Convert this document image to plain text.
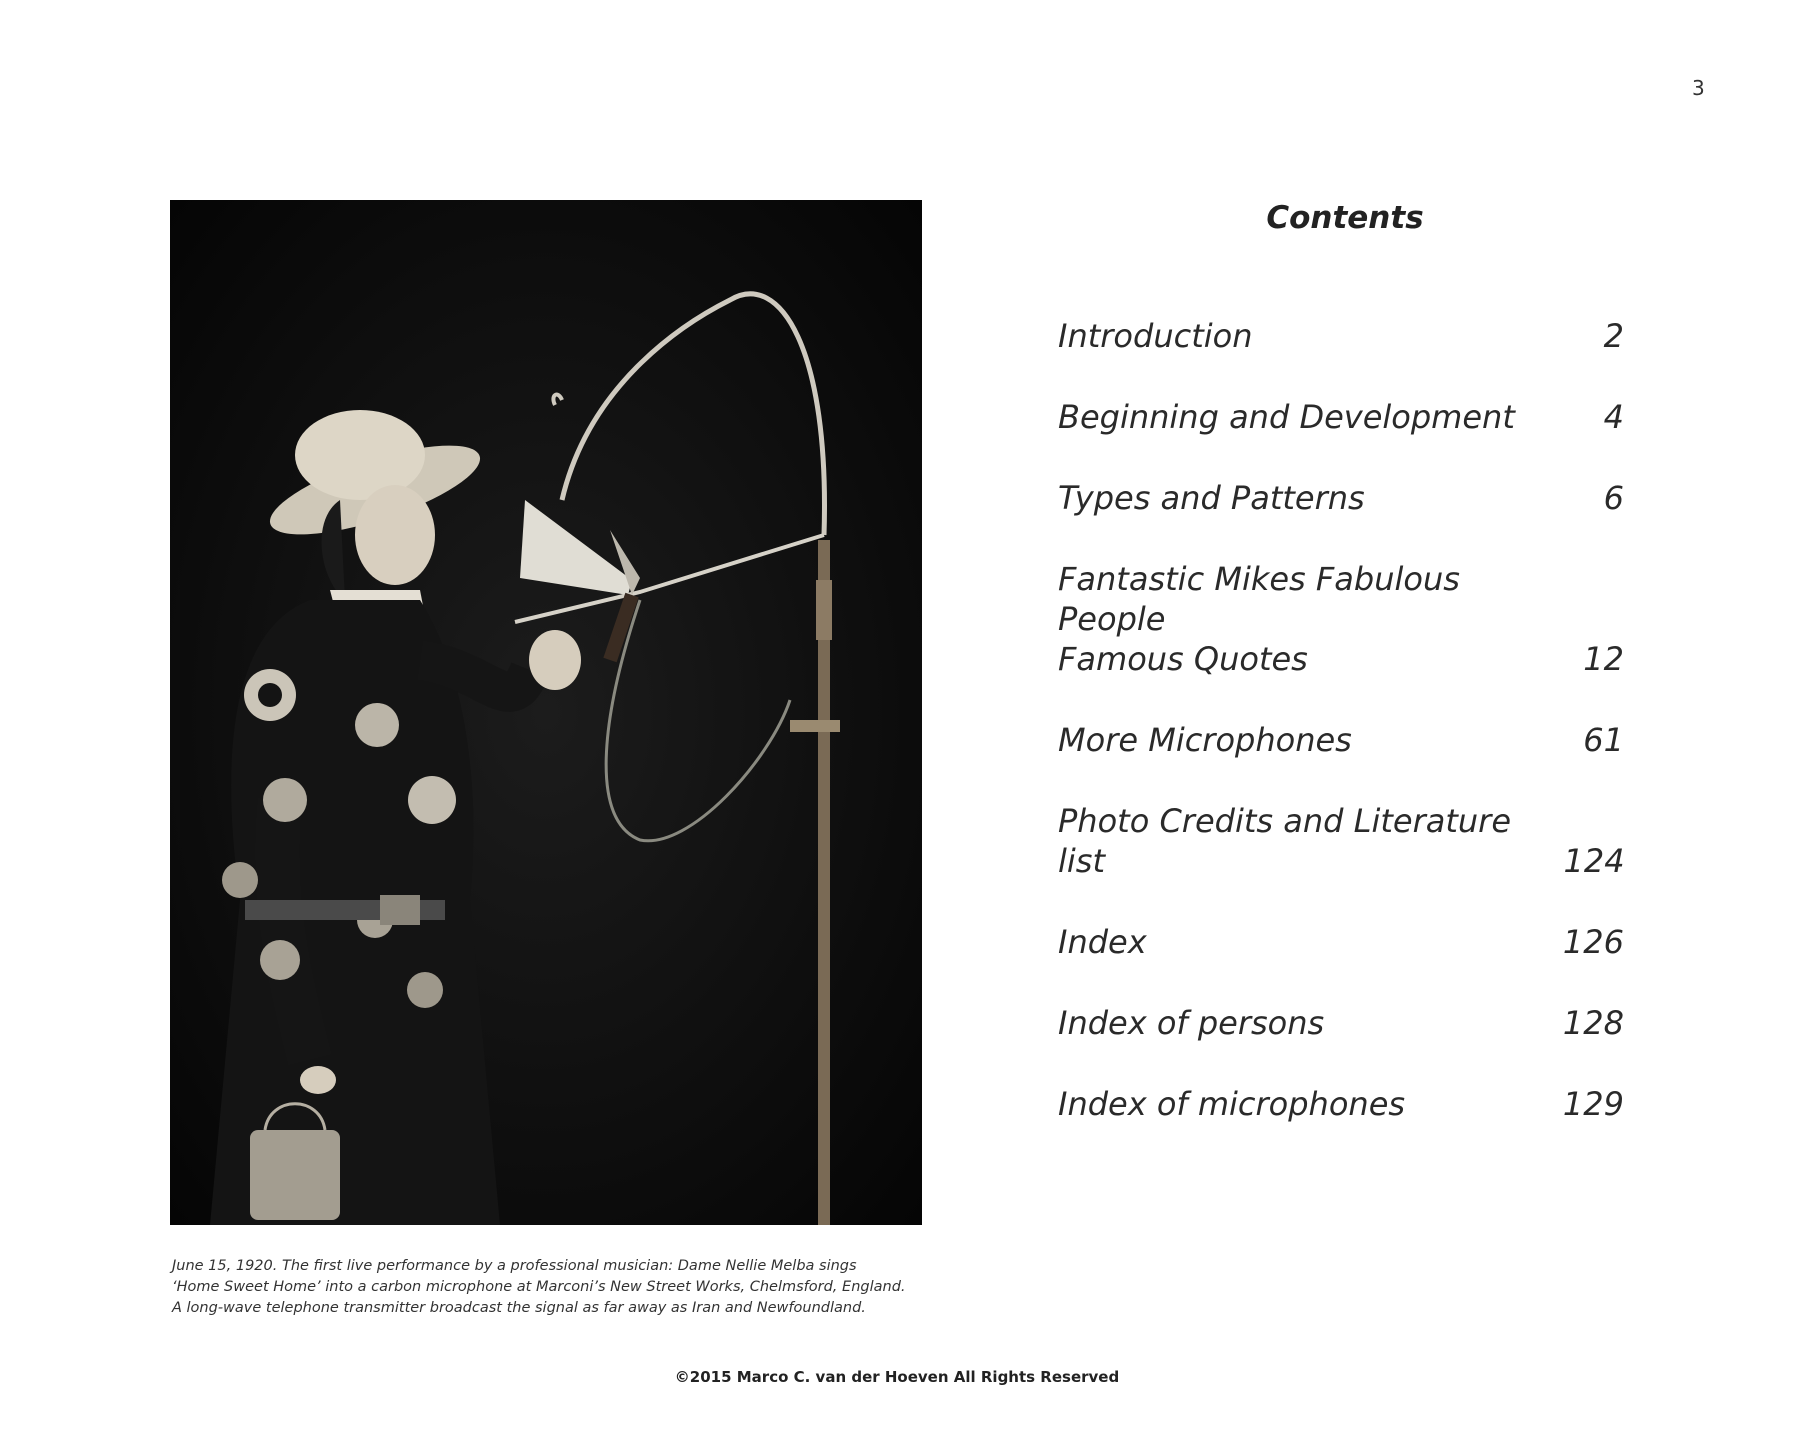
3

June 15, 1920. The first live performance by a professional musician: Dame Nellie Melba sings

‘Home Sweet Home’ into a carbon microphone at Marconi’s New Street Works, Chelmsford, England.

A long-wave telephone transmitter broadcast the signal as far away as Iran and Newfoundland.

Contents
Introduction	2
Beginning and Development	4
Types and Patterns	6
Fantastic Mikes Fabulous People
Famous Quotes	12
More Microphones	61
Photo Credits and Literature list	124
Index	126
Index of persons	128
Index of microphones	129
©2015 Marco C. van der Hoeven All Rights Reserved
